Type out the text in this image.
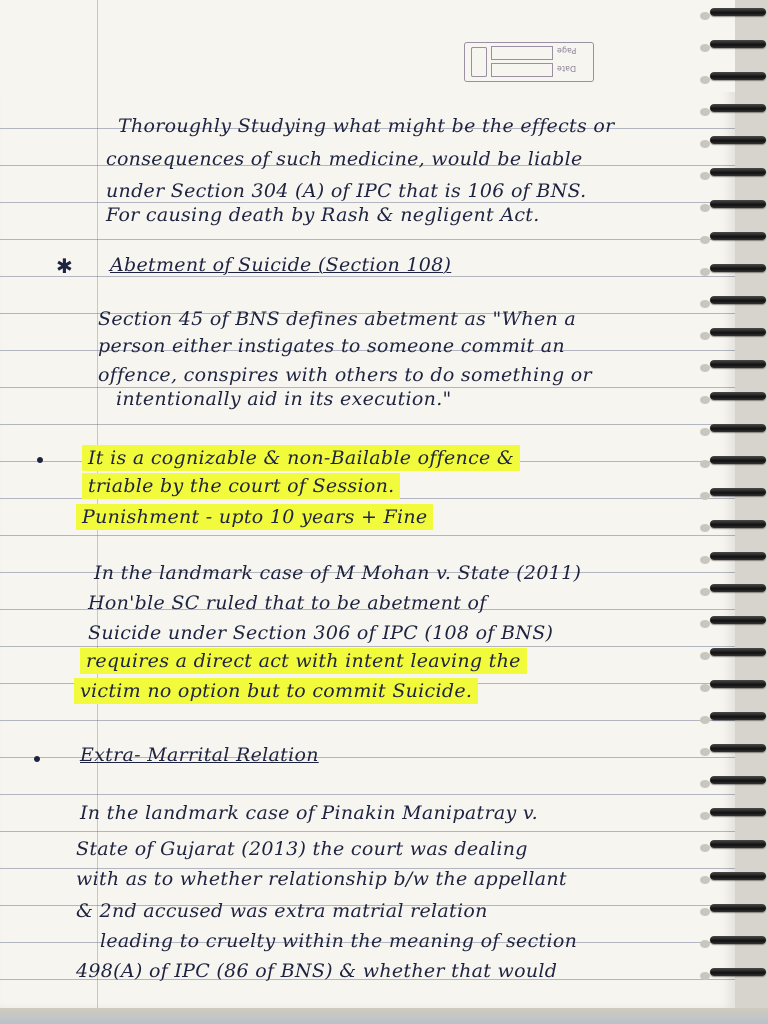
Page
Date
Thoroughly Studying what might be the effects or
consequences of such medicine, would be liable
under Section 304 (A) of IPC that is 106 of BNS.
For causing death by Rash & negligent Act.
✱ Abetment of Suicide (Section 108)
Section 45 of BNS defines abetment as "When a
person either instigates to someone commit an
offence, conspires with others to do something or
intentionally aid in its execution."
It is a cognizable & non-Bailable offence &
triable by the court of Session.
Punishment - upto 10 years + Fine
In the landmark case of M Mohan v. State (2011)
Hon'ble SC ruled that to be abetment of
Suicide under Section 306 of IPC (108 of BNS)
requires a direct act with intent leaving the
victim no option but to commit Suicide.
Extra- Marrital Relation
In the landmark case of Pinakin Manipatray v.
State of Gujarat (2013) the court was dealing
with as to whether relationship b/w the appellant
& 2nd accused was extra matrial relation
leading to cruelty within the meaning of section
498(A) of IPC (86 of BNS) & whether that would
